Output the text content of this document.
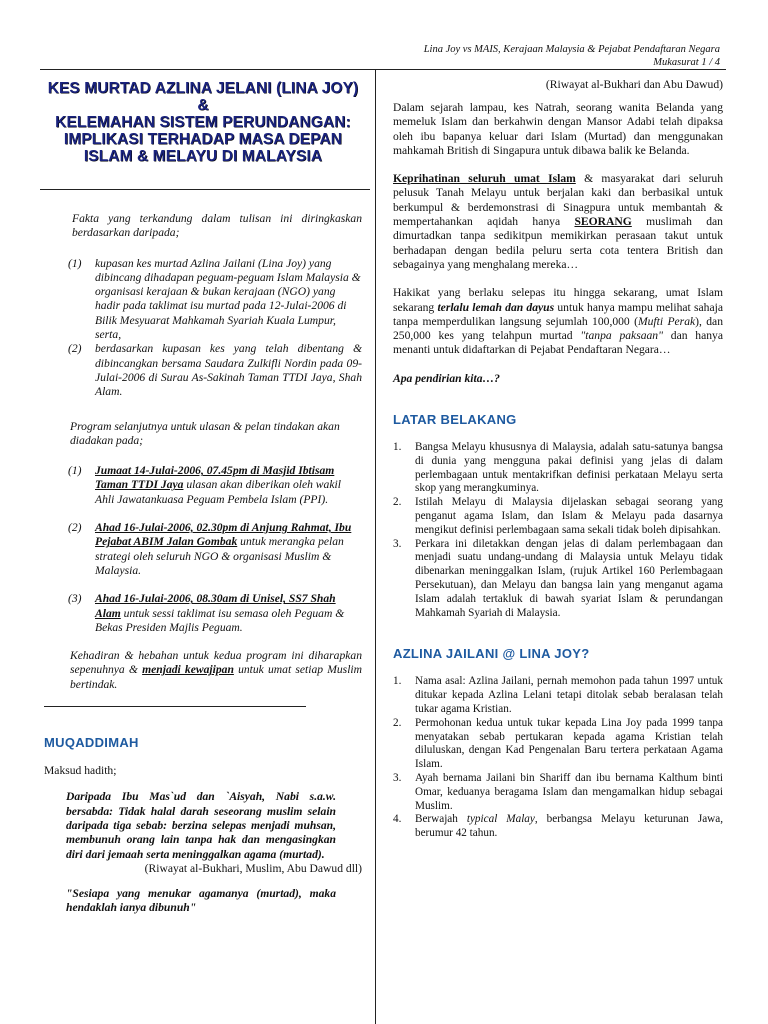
Lina Joy vs MAIS, Kerajaan Malaysia & Pejabat Pendaftaran Negara
Mukasurat 1 / 4
KES MURTAD AZLINA JELANI (LINA JOY) &
KELEMAHAN SISTEM PERUNDANGAN:
IMPLIKASI TERHADAP MASA DEPAN
ISLAM & MELAYU DI MALAYSIA
Fakta yang terkandung dalam tulisan ini diringkaskan berdasarkan daripada;
(1) kupasan kes murtad Azlina Jailani (Lina Joy) yang dibincang dihadapan peguam-peguam Islam Malaysia & organisasi kerajaan & bukan kerajaan (NGO) yang hadir pada taklimat isu murtad pada 12-Julai-2006 di Bilik Mesyuarat Mahkamah Syariah Kuala Lumpur, serta,
(2) berdasarkan kupasan kes yang telah dibentang & dibincangkan bersama Saudara Zulkifli Nordin pada 09-Julai-2006 di Surau As-Sakinah Taman TTDI Jaya, Shah Alam.
Program selanjutnya untuk ulasan & pelan tindakan akan diadakan pada;
(1) Jumaat 14-Julai-2006, 07.45pm di Masjid Ibtisam Taman TTDI Jaya ulasan akan diberikan oleh wakil Ahli Jawatankuasa Peguam Pembela Islam (PPI).
(2) Ahad 16-Julai-2006, 02.30pm di Anjung Rahmat, Ibu Pejabat ABIM Jalan Gombak untuk merangka pelan strategi oleh seluruh NGO & organisasi Muslim & Malaysia.
(3) Ahad 16-Julai-2006, 08.30am di Unisel, SS7 Shah Alam untuk sessi taklimat isu semasa oleh Peguam & Bekas Presiden Majlis Peguam.
Kehadiran & hebahan untuk kedua program ini diharapkan sepenuhnya & menjadi kewajipan untuk umat setiap Muslim bertindak.
MUQADDIMAH
Maksud hadith;
Daripada Ibu Mas`ud dan `Aisyah, Nabi s.a.w. bersabda: Tidak halal darah seseorang muslim selain daripada tiga sebab: berzina selepas menjadi muhsan, membunuh orang lain tanpa hak dan mengasingkan diri dari jemaah serta meninggalkan agama (murtad).
(Riwayat al-Bukhari, Muslim, Abu Dawud dll)
"Sesiapa yang menukar agamanya (murtad), maka hendaklah ianya dibunuh"
(Riwayat al-Bukhari dan Abu Dawud)
Dalam sejarah lampau, kes Natrah, seorang wanita Belanda yang memeluk Islam dan berkahwin dengan Mansor Adabi telah dipaksa oleh ibu bapanya keluar dari Islam (Murtad) dan menggunakan mahkamah British di Singapura untuk dibawa balik ke Belanda.
Keprihatinan seluruh umat Islam & masyarakat dari seluruh pelusuk Tanah Melayu untuk berjalan kaki dan berbasikal untuk berkumpul & berdemonstrasi di Sinagpura untuk membantah & mempertahankan aqidah hanya SEORANG muslimah dan dimurtadkan tanpa sedikitpun memikirkan perasaan takut untuk berhadapan dengan bedila peluru serta cota tentera British dan sebagainya yang menghalang mereka…
Hakikat yang berlaku selepas itu hingga sekarang, umat Islam sekarang terlalu lemah dan dayus untuk hanya mampu melihat sahaja tanpa memperdulikan langsung sejumlah 100,000 (Mufti Perak), dan 250,000 kes yang telahpun murtad "tanpa paksaan" dan hanya menanti untuk didaftarkan di Pejabat Pendaftaran Negara…
Apa pendirian kita…?
LATAR BELAKANG
1. Bangsa Melayu khususnya di Malaysia, adalah satu-satunya bangsa di dunia yang mengguna pakai definisi yang jelas di dalam perlembagaan untuk mentakrifkan definisi perkataan Melayu serta skop yang merangkuminya.
2. Istilah Melayu di Malaysia dijelaskan sebagai seorang yang penganut agama Islam, dan Islam & Melayu pada dasarnya mengikut definisi perlembagaan sama sekali tidak boleh dipisahkan.
3. Perkara ini diletakkan dengan jelas di dalam perlembagaan dan menjadi suatu undang-undang di Malaysia untuk Melayu tidak dibenarkan meninggalkan Islam, (rujuk Artikel 160 Perlembagaan Persekutuan), dan Melayu dan bangsa lain yang menganut agama Islam adalah tertakluk di bawah syariat Islam & perundangan Mahkamah Syariah di Malaysia.
AZLINA JAILANI @ LINA JOY?
1. Nama asal: Azlina Jailani, pernah memohon pada tahun 1997 untuk ditukar kepada Azlina Lelani tetapi ditolak sebab beralasan telah tukar agama Kristian.
2. Permohonan kedua untuk tukar kepada Lina Joy pada 1999 tanpa menyatakan sebab pertukaran kepada agama Kristian telah diluluskan, dengan Kad Pengenalan Baru tertera perkataan Agama Islam.
3. Ayah bernama Jailani bin Shariff dan ibu bernama Kalthum binti Omar, keduanya beragama Islam dan mengamalkan hidup sebagai Muslim.
4. Berwajah typical Malay, berbangsa Melayu keturunan Jawa, berumur 42 tahun.
